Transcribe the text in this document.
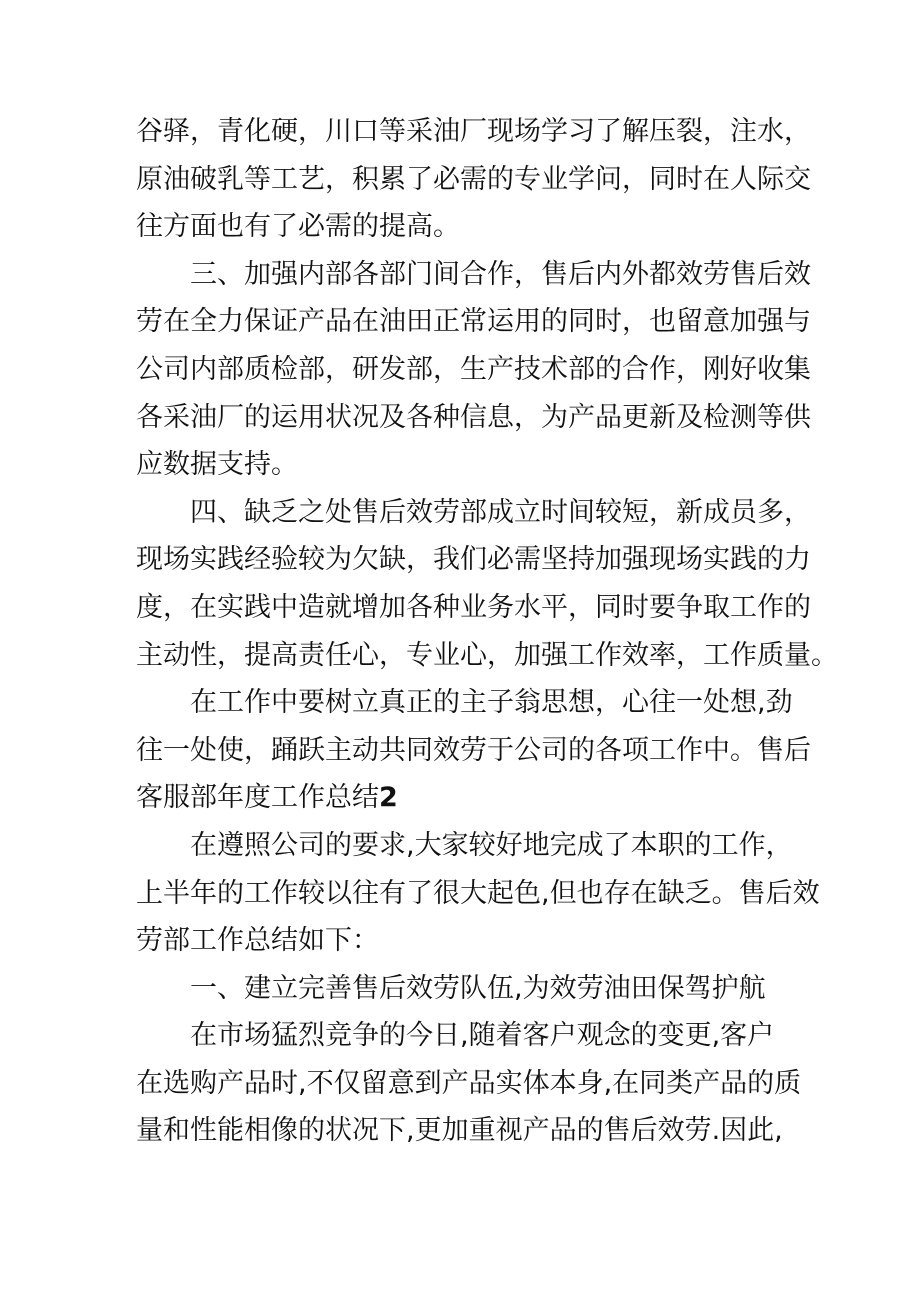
谷驿，青化硬，川口等采油厂现场学习了解压裂，注水，
原油破乳等工艺，积累了必需的专业学问，同时在人际交
往方面也有了必需的提高。
三、加强内部各部门间合作，售后内外都效劳售后效
劳在全力保证产品在油田正常运用的同时，也留意加强与
公司内部质检部，研发部，生产技术部的合作，刚好收集
各采油厂的运用状况及各种信息，为产品更新及检测等供
应数据支持。
四、缺乏之处售后效劳部成立时间较短，新成员多，
现场实践经验较为欠缺，我们必需坚持加强现场实践的力
度，在实践中造就增加各种业务水平，同时要争取工作的
主动性，提高责任心，专业心，加强工作效率，工作质量。
在工作中要树立真正的主子翁思想，心往一处想,劲
往一处使，踊跃主动共同效劳于公司的各项工作中。售后
客服部年度工作总结2
在遵照公司的要求,大家较好地完成了本职的工作，
上半年的工作较以往有了很大起色,但也存在缺乏。售后效
劳部工作总结如下：
一、建立完善售后效劳队伍,为效劳油田保驾护航
在市场猛烈竞争的今日,随着客户观念的变更,客户
在选购产品时,不仅留意到产品实体本身,在同类产品的质
量和性能相像的状况下,更加重视产品的售后效劳.因此,
